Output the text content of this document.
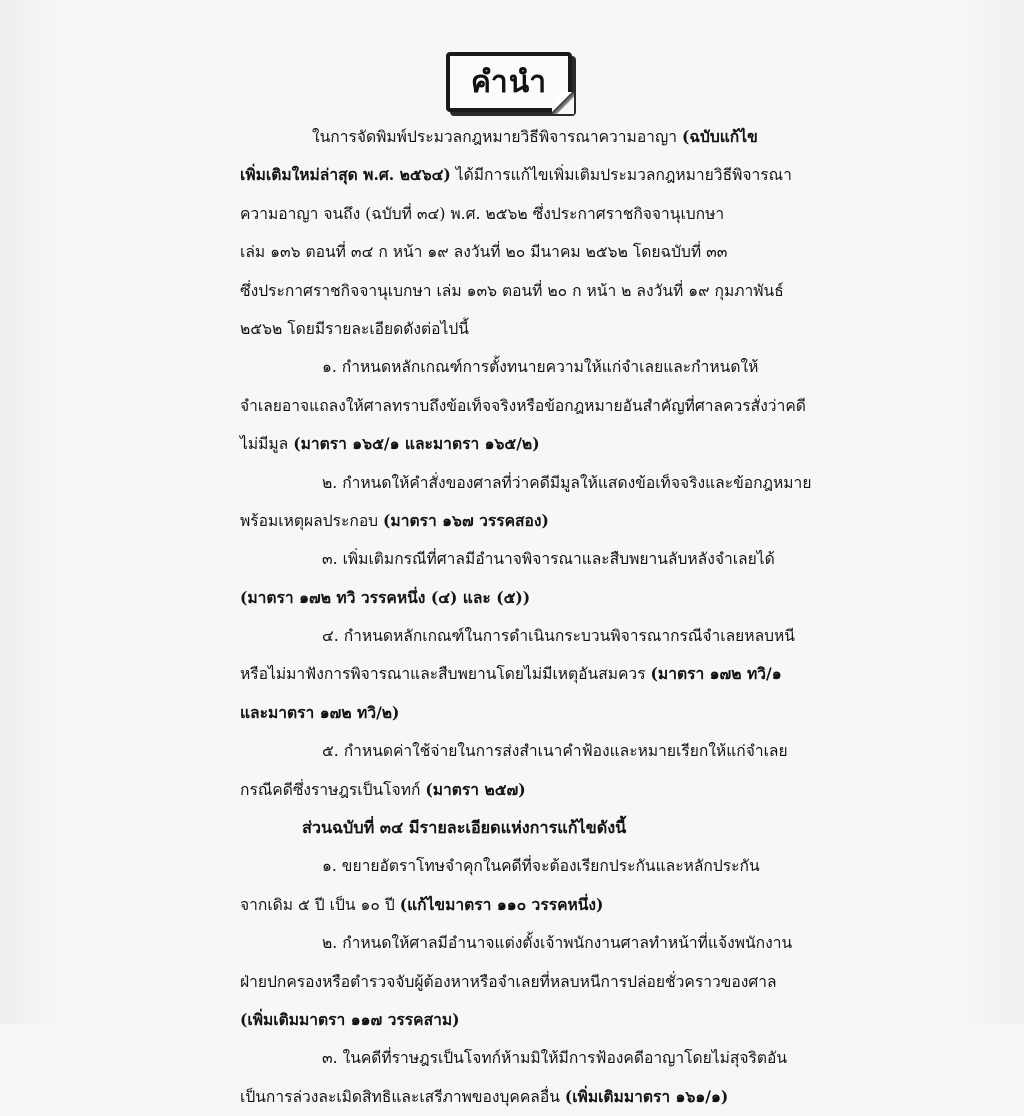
คำนำ
ในการจัดพิมพ์ประมวลกฎหมายวิธีพิจารณาความอาญา (ฉบับแก้ไข
เพิ่มเติมใหม่ล่าสุด พ.ศ. ๒๕๖๔) ได้มีการแก้ไขเพิ่มเติมประมวลกฎหมายวิธีพิจารณา
ความอาญา จนถึง (ฉบับที่ ๓๔) พ.ศ. ๒๕๖๒ ซึ่งประกาศราชกิจจานุเบกษา
เล่ม ๑๓๖ ตอนที่ ๓๔ ก หน้า ๑๙ ลงวันที่ ๒๐ มีนาคม ๒๕๖๒ โดยฉบับที่ ๓๓
ซึ่งประกาศราชกิจจานุเบกษา เล่ม ๑๓๖ ตอนที่ ๒๐ ก หน้า ๒ ลงวันที่ ๑๙ กุมภาพันธ์
๒๕๖๒ โดยมีรายละเอียดดังต่อไปนี้
๑. กำหนดหลักเกณฑ์การตั้งทนายความให้แก่จำเลยและกำหนดให้
จำเลยอาจแถลงให้ศาลทราบถึงข้อเท็จจริงหรือข้อกฎหมายอันสำคัญที่ศาลควรสั่งว่าคดี
ไม่มีมูล (มาตรา ๑๖๕/๑ และมาตรา ๑๖๕/๒)
๒. กำหนดให้คำสั่งของศาลที่ว่าคดีมีมูลให้แสดงข้อเท็จจริงและข้อกฎหมาย
พร้อมเหตุผลประกอบ (มาตรา ๑๖๗ วรรคสอง)
๓. เพิ่มเติมกรณีที่ศาลมีอำนาจพิจารณาและสืบพยานลับหลังจำเลยได้
(มาตรา ๑๗๒ ทวิ วรรคหนึ่ง (๔) และ (๕))
๔. กำหนดหลักเกณฑ์ในการดำเนินกระบวนพิจารณากรณีจำเลยหลบหนี
หรือไม่มาฟังการพิจารณาและสืบพยานโดยไม่มีเหตุอันสมควร (มาตรา ๑๗๒ ทวิ/๑
และมาตรา ๑๗๒ ทวิ/๒)
๕. กำหนดค่าใช้จ่ายในการส่งสำเนาคำฟ้องและหมายเรียกให้แก่จำเลย
กรณีคดีซึ่งราษฎรเป็นโจทก์ (มาตรา ๒๕๗)
ส่วนฉบับที่ ๓๔ มีรายละเอียดแห่งการแก้ไขดังนี้
๑. ขยายอัตราโทษจำคุกในคดีที่จะต้องเรียกประกันและหลักประกัน
จากเดิม ๕ ปี เป็น ๑๐ ปี (แก้ไขมาตรา ๑๑๐ วรรคหนึ่ง)
๒. กำหนดให้ศาลมีอำนาจแต่งตั้งเจ้าพนักงานศาลทำหน้าที่แจ้งพนักงาน
ฝ่ายปกครองหรือตำรวจจับผู้ต้องหาหรือจำเลยที่หลบหนีการปล่อยชั่วคราวของศาล
(เพิ่มเติมมาตรา ๑๑๗ วรรคสาม)
๓. ในคดีที่ราษฎรเป็นโจทก์ห้ามมิให้มีการฟ้องคดีอาญาโดยไม่สุจริตอัน
เป็นการล่วงละเมิดสิทธิและเสรีภาพของบุคคลอื่น (เพิ่มเติมมาตรา ๑๖๑/๑)
